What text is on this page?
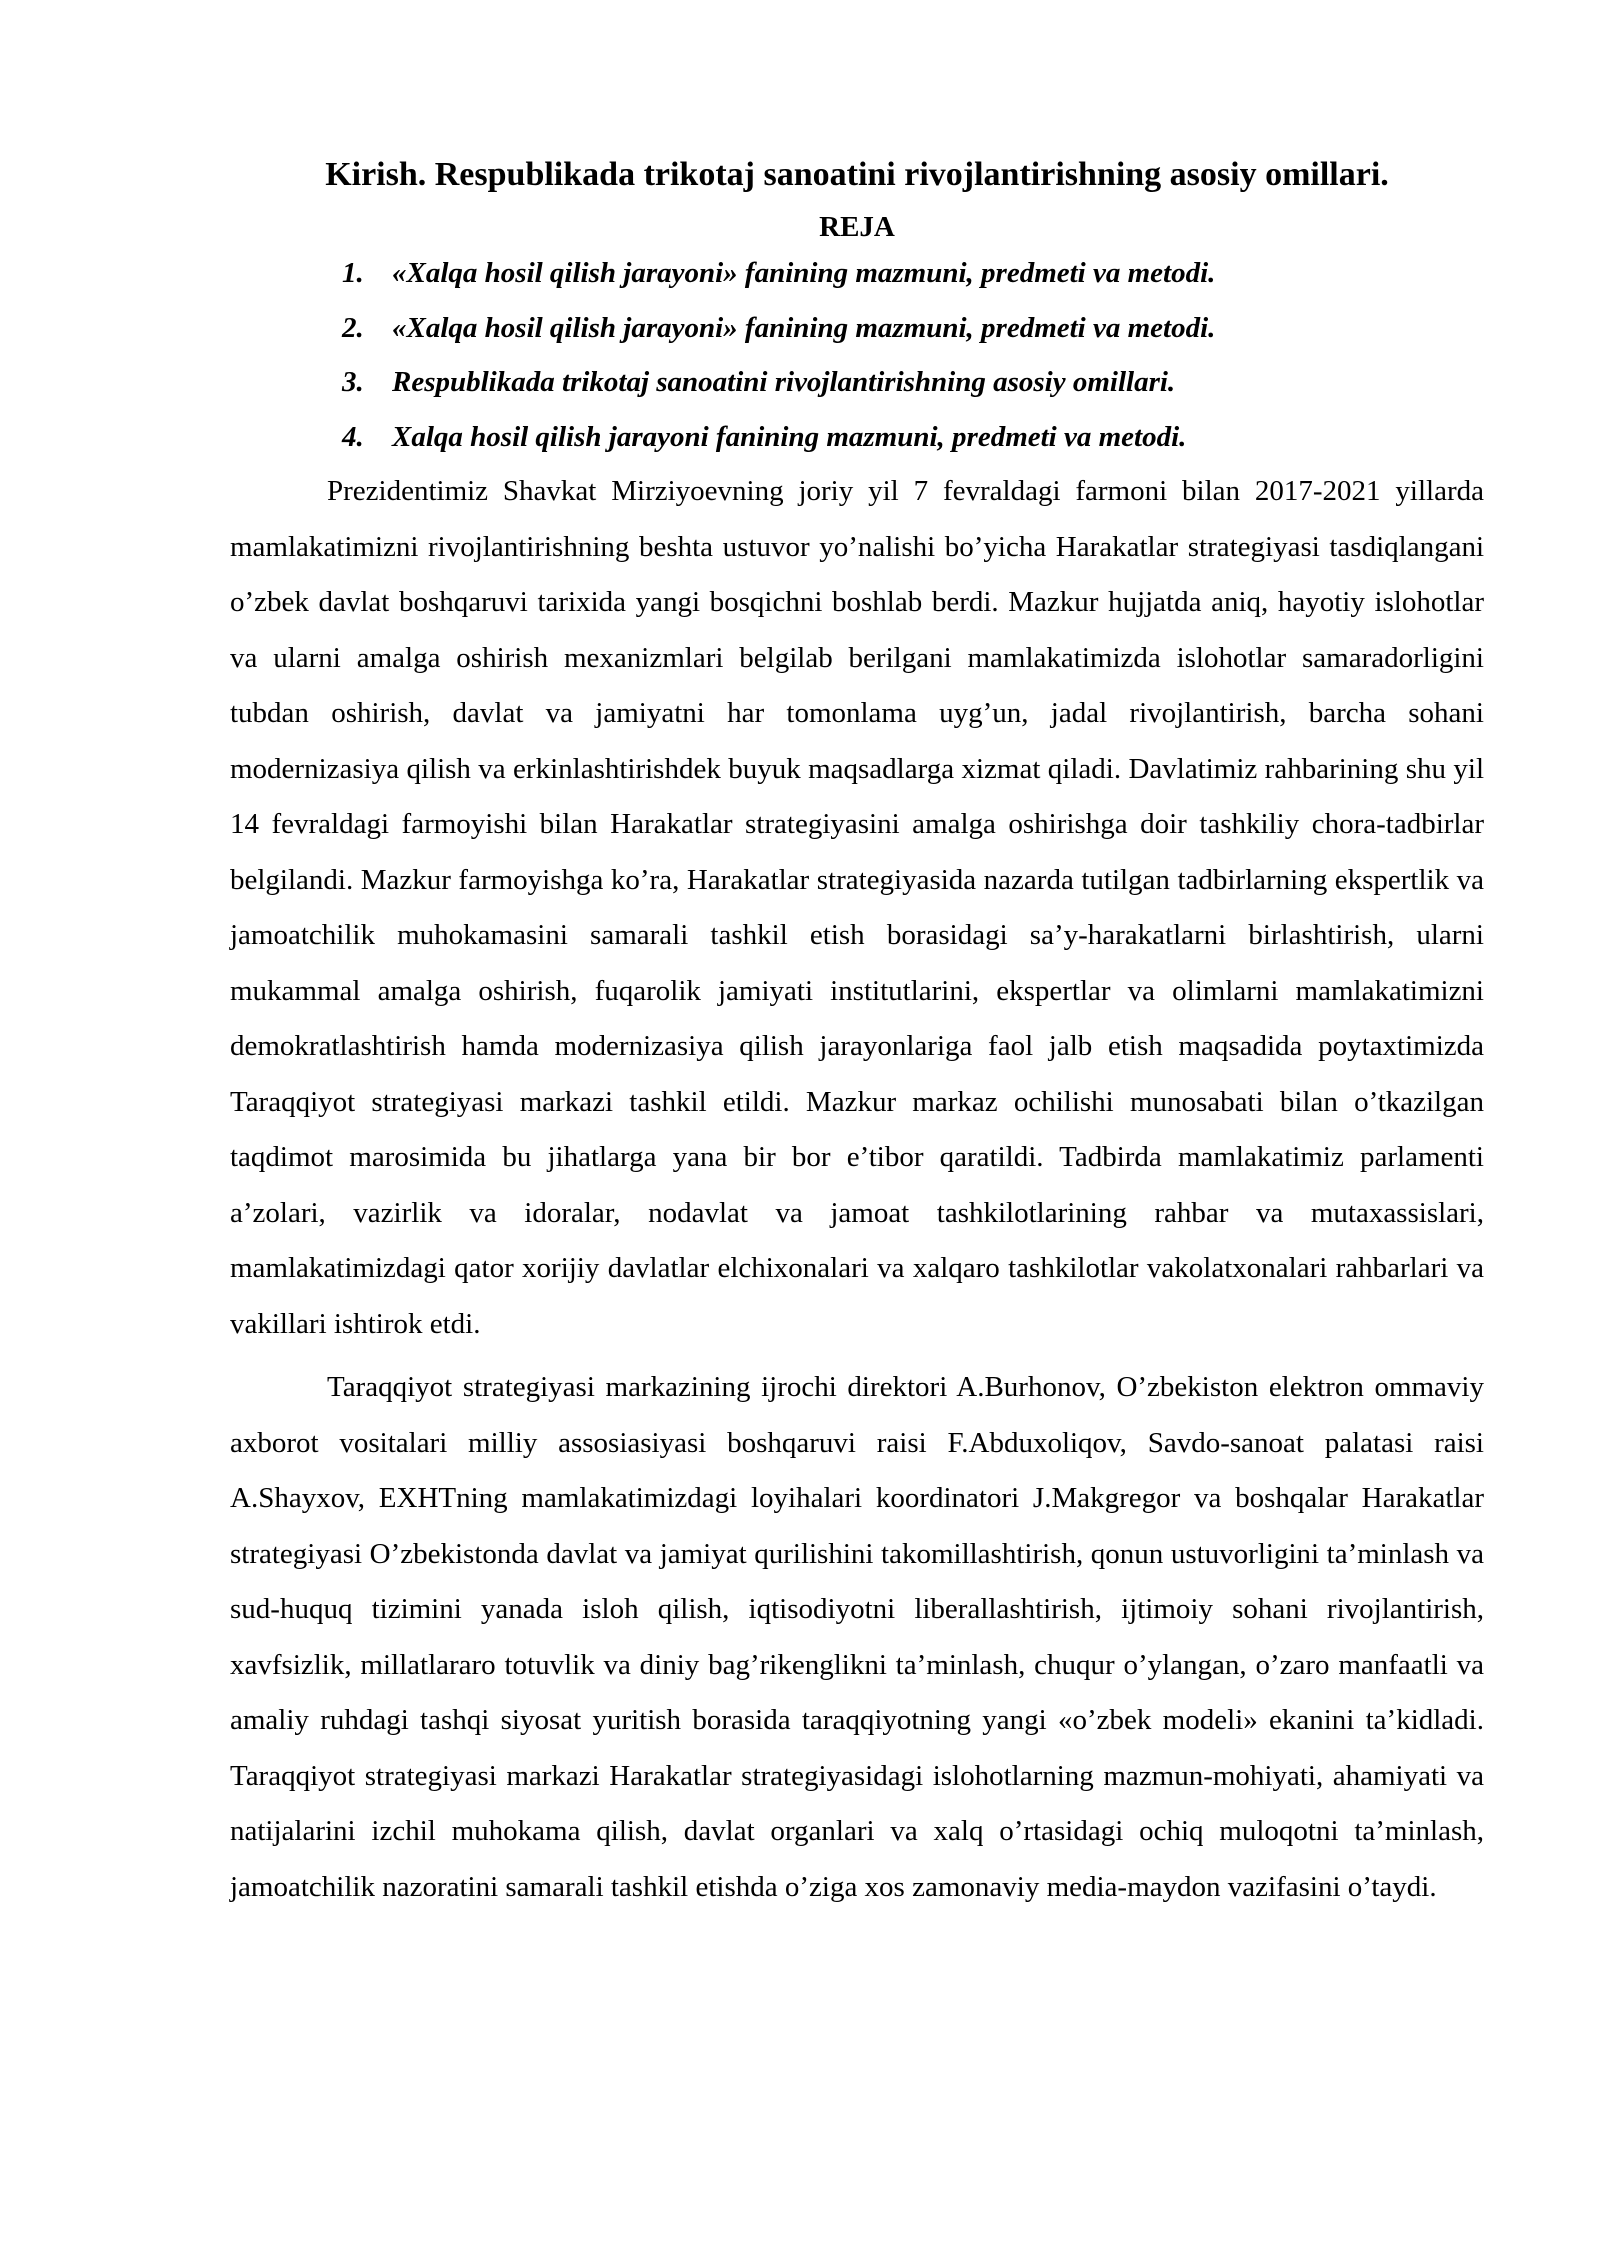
Kirish. Respublikada trikotaj sanoatini rivojlantirishning asosiy omillari.
REJA
1. «Xalqa hosil qilish jarayoni» fanining mazmuni, predmeti va metodi.
2. «Xalqa hosil qilish jarayoni» fanining mazmuni, predmeti va metodi.
3. Respublikada trikotaj sanoatini rivojlantirishning asosiy omillari.
4. Xalqa hosil qilish jarayoni fanining mazmuni, predmeti va metodi.

Prezidentimiz Shavkat Mirziyoevning joriy yil 7 fevraldagi farmoni bilan 2017-2021 yillarda mamlakatimizni rivojlantirishning beshta ustuvor yo’nalishi bo’yicha Harakatlar strategiyasi tasdiqlangani o’zbek davlat boshqaruvi tarixida yangi bosqichni boshlab berdi. Mazkur hujjatda aniq, hayotiy islohotlar va ularni amalga oshirish mexanizmlari belgilab berilgani mamlakatimizda islohotlar samaradorligini tubdan oshirish, davlat va jamiyatni har tomonlama uyg’un, jadal rivojlantirish, barcha sohani modernizasiya qilish va erkinlashtirishdek buyuk maqsadlarga xizmat qiladi. Davlatimiz rahbarining shu yil 14 fevraldagi farmoyishi bilan Harakatlar strategiyasini amalga oshirishga doir tashkiliy chora-tadbirlar belgilandi. Mazkur farmoyishga ko’ra, Harakatlar strategiyasida nazarda tutilgan tadbirlarning ekspertlik va jamoatchilik muhokamasini samarali tashkil etish borasidagi sa’y-harakatlarni birlashtirish, ularni mukammal amalga oshirish, fuqarolik jamiyati institutlarini, ekspertlar va olimlarni mamlakatimizni demokratlashtirish hamda modernizasiya qilish jarayonlariga faol jalb etish maqsadida poytaxtimizda Taraqqiyot strategiyasi markazi tashkil etildi. Mazkur markaz ochilishi munosabati bilan o’tkazilgan taqdimot marosimida bu jihatlarga yana bir bor e’tibor qaratildi. Tadbirda mamlakatimiz parlamenti a’zolari, vazirlik va idoralar, nodavlat va jamoat tashkilotlarining rahbar va mutaxassislari, mamlakatimizdagi qator xorijiy davlatlar elchixonalari va xalqaro tashkilotlar vakolatxonalari rahbarlari va vakillari ishtirok etdi.

Taraqqiyot strategiyasi markazining ijrochi direktori A.Burhonov, O’zbekiston elektron ommaviy axborot vositalari milliy assosiasiyasi boshqaruvi raisi F.Abduxoliqov, Savdo-sanoat palatasi raisi A.Shayxov, EXHTning mamlakatimizdagi loyihalari koordinatori J.Makgregor va boshqalar Harakatlar strategiyasi O’zbekistonda davlat va jamiyat qurilishini takomillashtirish, qonun ustuvorligini ta’minlash va sud-huquq tizimini yanada isloh qilish, iqtisodiyotni liberallashtirish, ijtimoiy sohani rivojlantirish, xavfsizlik, millatlararo totuvlik va diniy bag’rikenglikni ta’minlash, chuqur o’ylangan, o’zaro manfaatli va amaliy ruhdagi tashqi siyosat yuritish borasida taraqqiyotning yangi «o’zbek modeli» ekanini ta’kidladi. Taraqqiyot strategiyasi markazi Harakatlar strategiyasidagi islohotlarning mazmun-mohiyati, ahamiyati va natijalarini izchil muhokama qilish, davlat organlari va xalq o’rtasidagi ochiq muloqotni ta’minlash, jamoatchilik nazoratini samarali tashkil etishda o’ziga xos zamonaviy media-maydon vazifasini o’taydi.
